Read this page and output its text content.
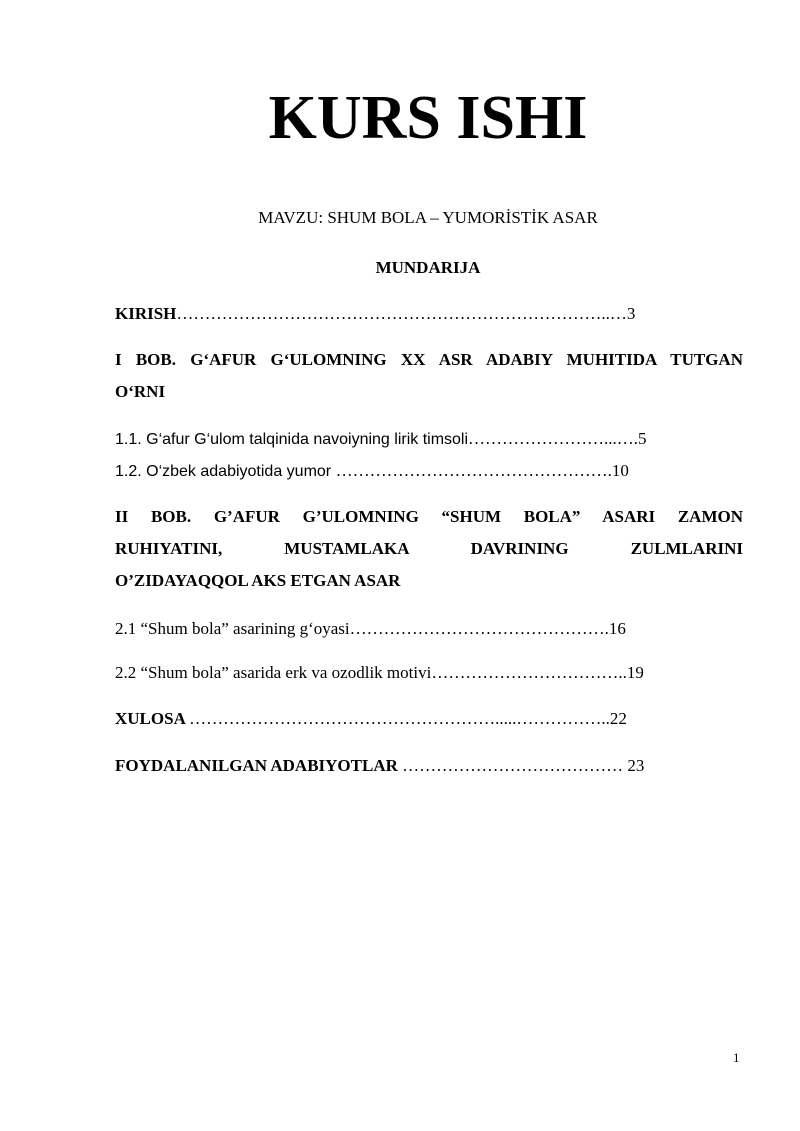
KURS ISHI
MAVZU: SHUM BOLA – YUMORİSTİK ASAR
MUNDARIJA
KIRISH…………………………………………………………………..…3
I BOB. G‘AFUR G‘ULOMNING XX ASR ADABIY MUHITIDA TUTGAN
O‘RNI
1.1. G‘afur G‘ulom talqinida navoiyning lirik timsoli……………………...….5
1.2. O‘zbek adabiyotida yumor ………………………………………….10
II BOB. G’AFUR G’ULOMNING “SHUM BOLA” ASARI ZAMON
RUHIYATINI, MUSTAMLAKA DAVRINING ZULMLARINI
O’ZIDAYAQQOL AKS ETGAN ASAR
2.1 “Shum bola” asarining g‘oyasi……………………………………….16
2.2 “Shum bola” asarida erk va ozodlik motivi……………………………..19
XULOSA ……………………………………………….....……………..22
FOYDALANILGAN ADABIYOTLAR ………………………………… 23
1
